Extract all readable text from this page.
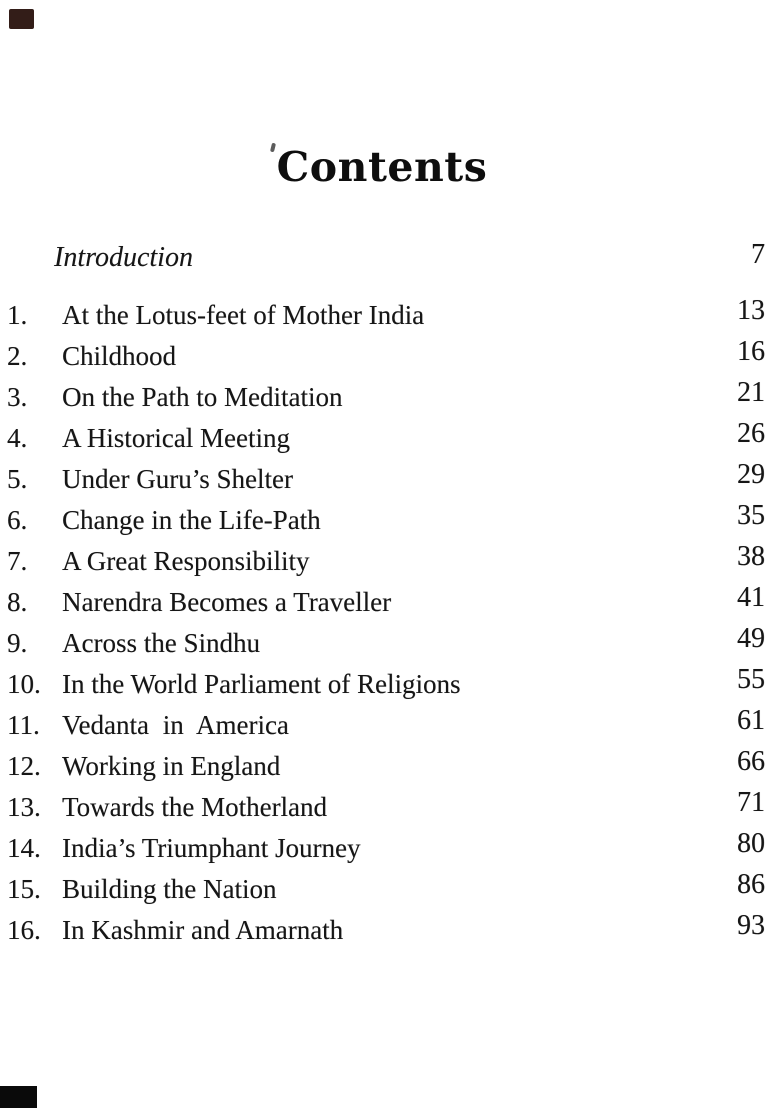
Contents
Introduction	7
1.	At the Lotus-feet of Mother India	13
2.	Childhood	16
3.	On the Path to Meditation	21
4.	A Historical Meeting	26
5.	Under Guru’s Shelter	29
6.	Change in the Life-Path	35
7.	A Great Responsibility	38
8.	Narendra Becomes a Traveller	41
9.	Across the Sindhu	49
10. In the World Parliament of Religions	55
11. Vedanta in America	61
12. Working in England	66
13. Towards the Motherland	71
14. India’s Triumphant Journey	80
15. Building the Nation	86
16. In Kashmir and Amarnath	93
